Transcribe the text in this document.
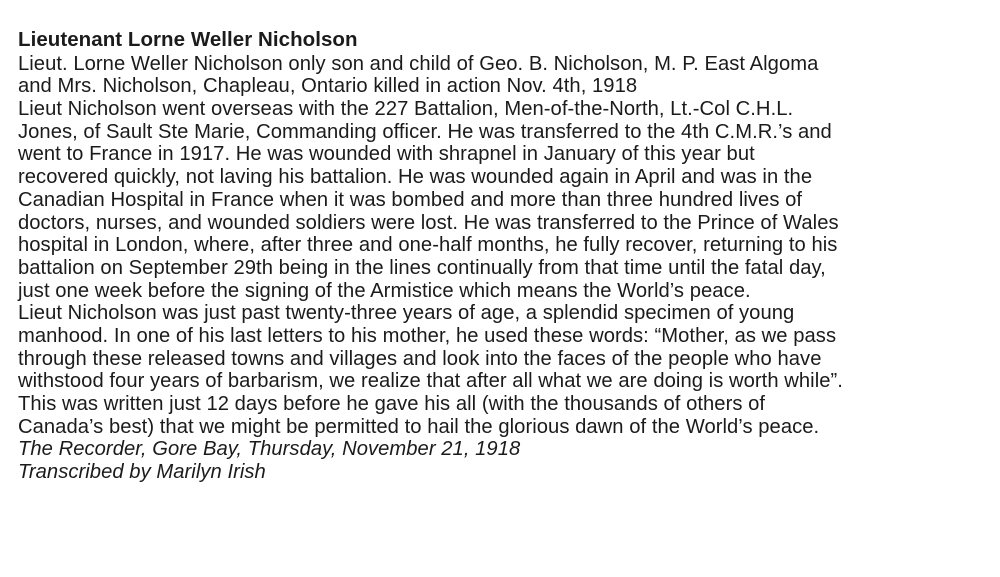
Lieutenant Lorne Weller Nicholson
Lieut. Lorne Weller Nicholson only son and child of Geo. B. Nicholson, M. P. East Algoma
and Mrs. Nicholson, Chapleau, Ontario killed in action Nov. 4th, 1918
Lieut Nicholson went overseas with the 227 Battalion, Men-of-the-North, Lt.-Col C.H.L.
Jones, of Sault Ste Marie, Commanding officer. He was transferred to the 4th C.M.R.’s and
went to France in 1917. He was wounded with shrapnel in January of this year but
recovered quickly, not laving his battalion. He was wounded again in April and was in the
Canadian Hospital in France when it was bombed and more than three hundred lives of
doctors, nurses, and wounded soldiers were lost. He was transferred to the Prince of Wales
hospital in London, where, after three and one-half months, he fully recover, returning to his
battalion on September 29th being in the lines continually from that time until the fatal day,
just one week before the signing of the Armistice which means the World’s peace.
Lieut Nicholson was just past twenty-three years of age, a splendid specimen of young
manhood. In one of his last letters to his mother, he used these words: “Mother, as we pass
through these released towns and villages and look into the faces of the people who have
withstood four years of barbarism, we realize that after all what we are doing is worth while”.
This was written just 12 days before he gave his all (with the thousands of others of
Canada’s best) that we might be permitted to hail the glorious dawn of the World’s peace.
The Recorder, Gore Bay, Thursday, November 21, 1918
Transcribed by Marilyn Irish
